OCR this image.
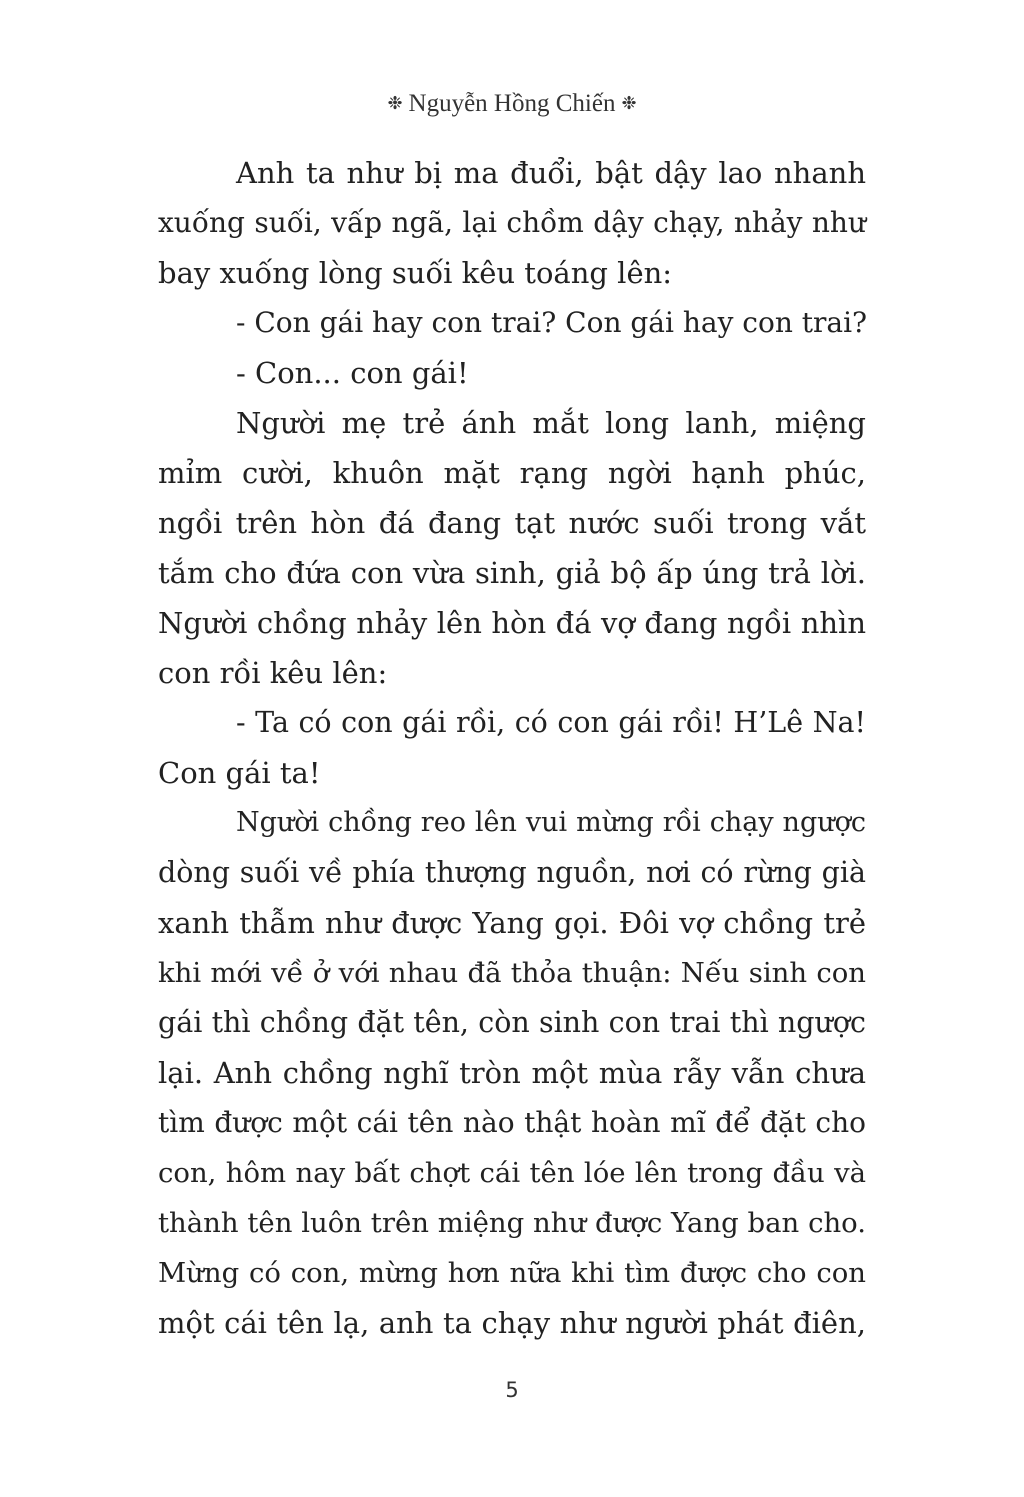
❉ Nguyễn Hồng Chiến ❉
Anh ta như bị ma đuổi, bật dậy lao nhanh
xuống suối, vấp ngã, lại chồm dậy chạy, nhảy như
bay xuống lòng suối kêu toáng lên:
- Con gái hay con trai? Con gái hay con trai?
- Con... con gái!
Người mẹ trẻ ánh mắt long lanh, miệng
mỉm cười, khuôn mặt rạng ngời hạnh phúc,
ngồi trên hòn đá đang tạt nước suối trong vắt
tắm cho đứa con vừa sinh, giả bộ ấp úng trả lời.
Người chồng nhảy lên hòn đá vợ đang ngồi nhìn
con rồi kêu lên:
- Ta có con gái rồi, có con gái rồi! H’Lê Na!
Con gái ta!
Người chồng reo lên vui mừng rồi chạy ngược
dòng suối về phía thượng nguồn, nơi có rừng già
xanh thẫm như được Yang gọi. Đôi vợ chồng trẻ
khi mới về ở với nhau đã thỏa thuận: Nếu sinh con
gái thì chồng đặt tên, còn sinh con trai thì ngược
lại. Anh chồng nghĩ tròn một mùa rẫy vẫn chưa
tìm được một cái tên nào thật hoàn mĩ để đặt cho
con, hôm nay bất chợt cái tên lóe lên trong đầu và
thành tên luôn trên miệng như được Yang ban cho.
Mừng có con, mừng hơn nữa khi tìm được cho con
một cái tên lạ, anh ta chạy như người phát điên,
5
